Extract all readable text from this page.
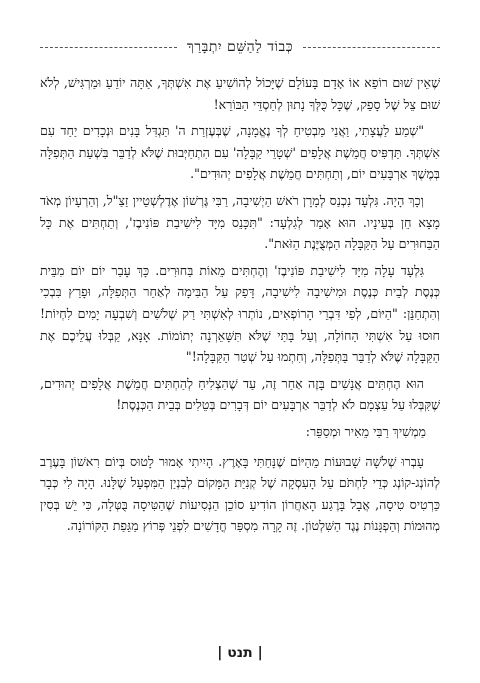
כְּבוֹד לַהַשֵּׁם יִתְבָּרַךְ

שֶׁאֵין שׁוּם רוֹפֵא אוֹ אָדָם בָּעוֹלָם שֶׁיָּכוֹל לְהוֹשִׁיעַ אֶת אִשְׁתְּךָ, אַתָּה יוֹדֵעַ וּמַרְגִּישׁ, לְלֹא שׁוּם צֵל שֶׁל סָפֵק, שֶׁכָּל כֻּלְּךָ נָתוּן לְחַסְדֵּי הַבּוֹרֵא!

"שְׁמַע לַעֲצָתִי, וַאֲנִי מַבְטִיחַ לְךָ נֶאֱמָנָה, שֶׁבְּעֶזְרַת ה' תַּגְדִּל בָּנִים וּנְכָדִים יַחַד עִם אִשְׁתְּךָ. תַּדְפִּיס חֲמֵשֶׁת אֲלָפִים 'שְׁטָרֵי קַבָּלָה' עִם הִתְחַיְּבוּת שֶׁלֹּא לְדַבֵּר בִּשְׁעַת הַתְּפִלָּה בְּמֶשֶׁךְ אַרְבָּעִים יוֹם, וְתַחְתִּים חֲמֵשֶׁת אֲלָפִים יְהוּדִים".

וְכָךְ הָיָה. גִּלְעָד נִכְנַס לְמָרָן רֹאשׁ הַיְשִׁיבָה, רַבִּי גֶּרְשׁוֹן אֶדֶלְשְׁטֵיין זַצַ"ל, וְהַרְעָיוֹן מְאֹד מָצָא חֵן בְּעֵינָיו. הוּא אָמַר לְגִלְעָד: "תִּכָּנֵס מִיָּד לִישִׁיבַת פּוֹנִיבֶז', וְתַחְתִּים אֶת כָּל הַבַּחוּרִים עַל הַקַּבָּלָה הַמְּצֻיֶּנֶת הַזֹּאת".

גִּלְעָד עָלָה מִיָּד לִישִׁיבַת פּוֹנִיבֶז' וְהֶחְתִּים מֵאוֹת בַּחוּרִים. כָּךְ עָבַר יוֹם יוֹם מִבֵּית כְּנֶסֶת לְבֵית כְּנֶסֶת וּמִישִׁיבָה לִישִׁיבָה, דָּפַק עַל הַבִּימָה לְאַחַר הַתְּפִלָּה, וּפָרַץ בִּבְכִי וְהִתְחַנֵּן: "הַיּוֹם, לְפִי דִּבְרֵי הָרוֹפְאִים, נוֹתְרוּ לְאִשְׁתִּי רַק שְׁלֹשִׁים וְשִׁבְעָה יָמִים לִחְיוֹת! חוּסוּ עַל אִשְׁתִּי הַחוֹלָה, וְעַל בָּתַּי שֶׁלֹּא תִּשָּׁאֵרְנָה יְתוֹמוֹת. אָנָּא, קַבְּלוּ עֲלֵיכֶם אֶת הַקַּבָּלָה שֶׁלֹּא לְדַבֵּר בַּתְּפִלָּה, וְחִתְמוּ עַל שְׁטַר הַקַּבָּלָה!"

הוּא הֶחְתִּים אֲנָשִׁים בָּזֶה אַחַר זֶה, עַד שֶׁהִצְלִיחַ לְהַחְתִּים חֲמֵשֶׁת אֲלָפִים יְהוּדִים, שֶׁקִּבְּלוּ עַל עַצְמָם לֹא לְדַבֵּר אַרְבָּעִים יוֹם דְּבָרִים בְּטֵלִים בְּבֵית הַכְּנֶסֶת!

מַמְשִׁיךְ רַבִּי מֵאִיר וּמְסַפֵּר:

עָבְרוּ שְׁלֹשָׁה שָׁבוּעוֹת מֵהַיּוֹם שֶׁנָּחַתִּי בָּאָרֶץ. הָיִיתִי אָמוּר לָטוּס בְּיוֹם רִאשׁוֹן בָּעֶרֶב לְהוֹנְג-קוֹנְג כְּדֵי לַחְתֹּם עַל הָעִסְקָה שֶׁל קְנִיַּת הַמָּקוֹם לְבִנְיַן הַמִּפְעָל שֶׁלָּנוּ. הָיָה לִי כְּבָר כַּרְטִיס טִיסָה, אֲבָל בָּרֶגַע הָאַחֲרוֹן הוֹדִיעַ סוֹכֵן הַנְּסִיעוֹת שֶׁהַטִּיסָה בֻּטְּלָה, כִּי יֵשׁ בְּסִין מְהוּמוֹת וְהַפְגָּנוֹת נֶגֶד הַשִּׁלְטוֹן. זֶה קָרָה מִסְפַּר חֳדָשִׁים לִפְנֵי פְּרוֹץ מַגֵּפַת הַקּוֹרוֹנָה.

| תנט |
